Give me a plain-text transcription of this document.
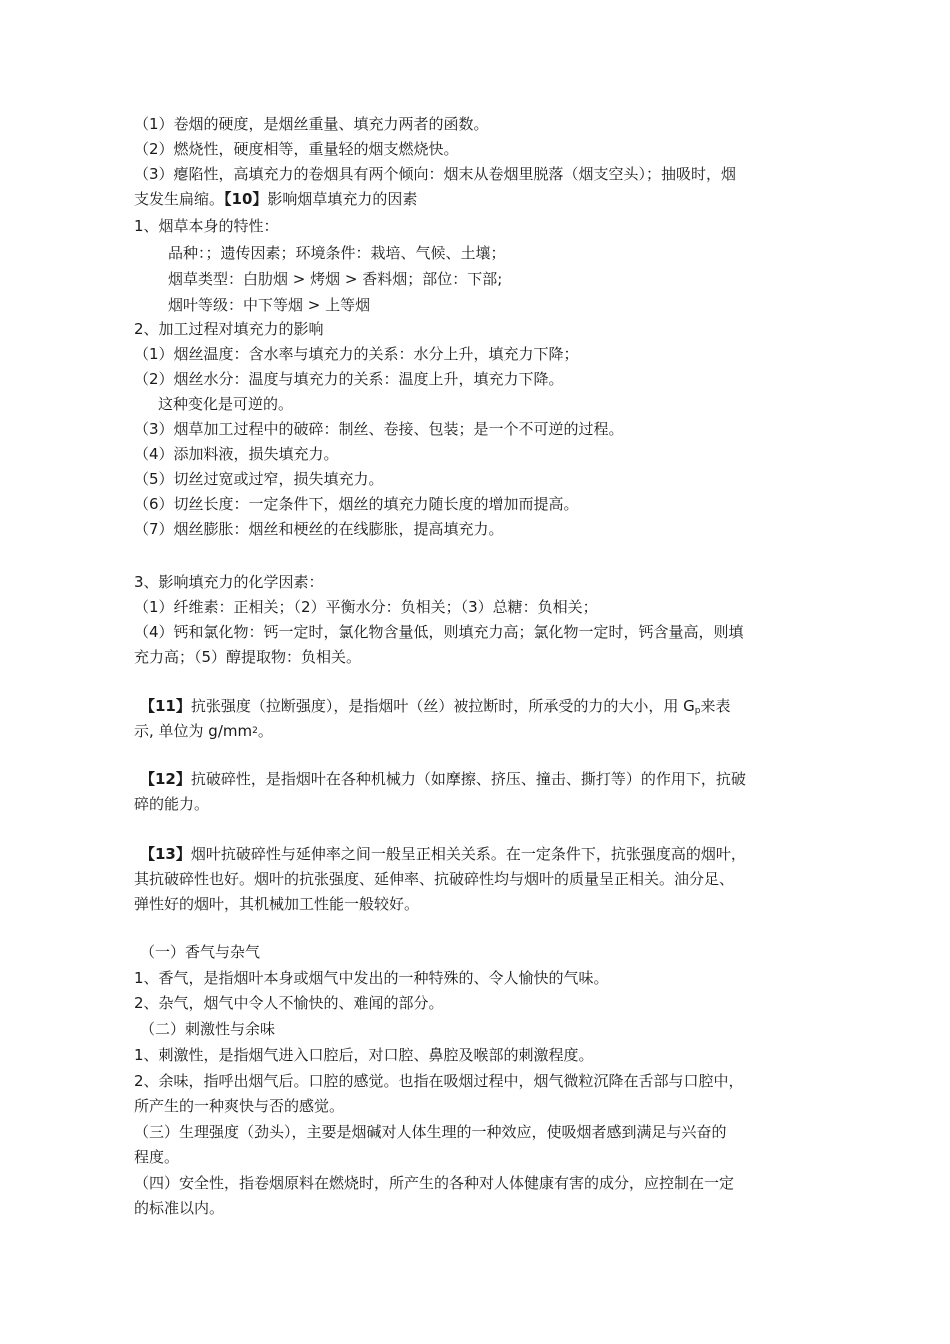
（1）卷烟的硬度，是烟丝重量、填充力两者的函数。
（2）燃烧性，硬度相等，重量轻的烟支燃烧快。
（3）瘪陷性，高填充力的卷烟具有两个倾向：烟末从卷烟里脱落（烟支空头）；抽吸时，烟
支发生扁缩。【10】影响烟草填充力的因素
1、烟草本身的特性：
品种：；遗传因素；环境条件：栽培、气候、土壤；
烟草类型：白肋烟 > 烤烟 > 香料烟；部位：下部;
烟叶等级：中下等烟 > 上等烟
2、加工过程对填充力的影响
（1）烟丝温度：含水率与填充力的关系：水分上升，填充力下降；
（2）烟丝水分：温度与填充力的关系：温度上升，填充力下降。
这种变化是可逆的。
（3）烟草加工过程中的破碎：制丝、卷接、包装；是一个不可逆的过程。
（4）添加料液，损失填充力。
（5）切丝过宽或过窄，损失填充力。
（6）切丝长度：一定条件下，烟丝的填充力随长度的增加而提高。
（7）烟丝膨胀：烟丝和梗丝的在线膨胀，提高填充力。
3、影响填充力的化学因素：
（1）纤维素：正相关；（2）平衡水分：负相关；（3）总糖：负相关；
（4）钙和氯化物：钙一定时，氯化物含量低，则填充力高；氯化物一定时，钙含量高，则填
充力高；（5）醇提取物：负相关。
【11】抗张强度（拉断强度），是指烟叶（丝）被拉断时，所承受的力的大小，用 $G_p$来表
示, 单位为 $g/mm^2$。
【12】抗破碎性，是指烟叶在各种机械力（如摩擦、挤压、撞击、撕打等）的作用下，抗破
碎的能力。
【13】烟叶抗破碎性与延伸率之间一般呈正相关关系。在一定条件下，抗张强度高的烟叶，
其抗破碎性也好。烟叶的抗张强度、延伸率、抗破碎性均与烟叶的质量呈正相关。油分足、
弹性好的烟叶，其机械加工性能一般较好。
（一）香气与杂气
1、香气，是指烟叶本身或烟气中发出的一种特殊的、令人愉快的气味。
2、杂气，烟气中令人不愉快的、难闻的部分。
（二）刺激性与余味
1、刺激性，是指烟气进入口腔后，对口腔、鼻腔及喉部的刺激程度。
2、余味，指呼出烟气后。口腔的感觉。也指在吸烟过程中，烟气微粒沉降在舌部与口腔中，
所产生的一种爽快与否的感觉。
（三）生理强度（劲头），主要是烟碱对人体生理的一种效应，使吸烟者感到满足与兴奋的
程度。
（四）安全性，指卷烟原料在燃烧时，所产生的各种对人体健康有害的成分，应控制在一定
的标准以内。
